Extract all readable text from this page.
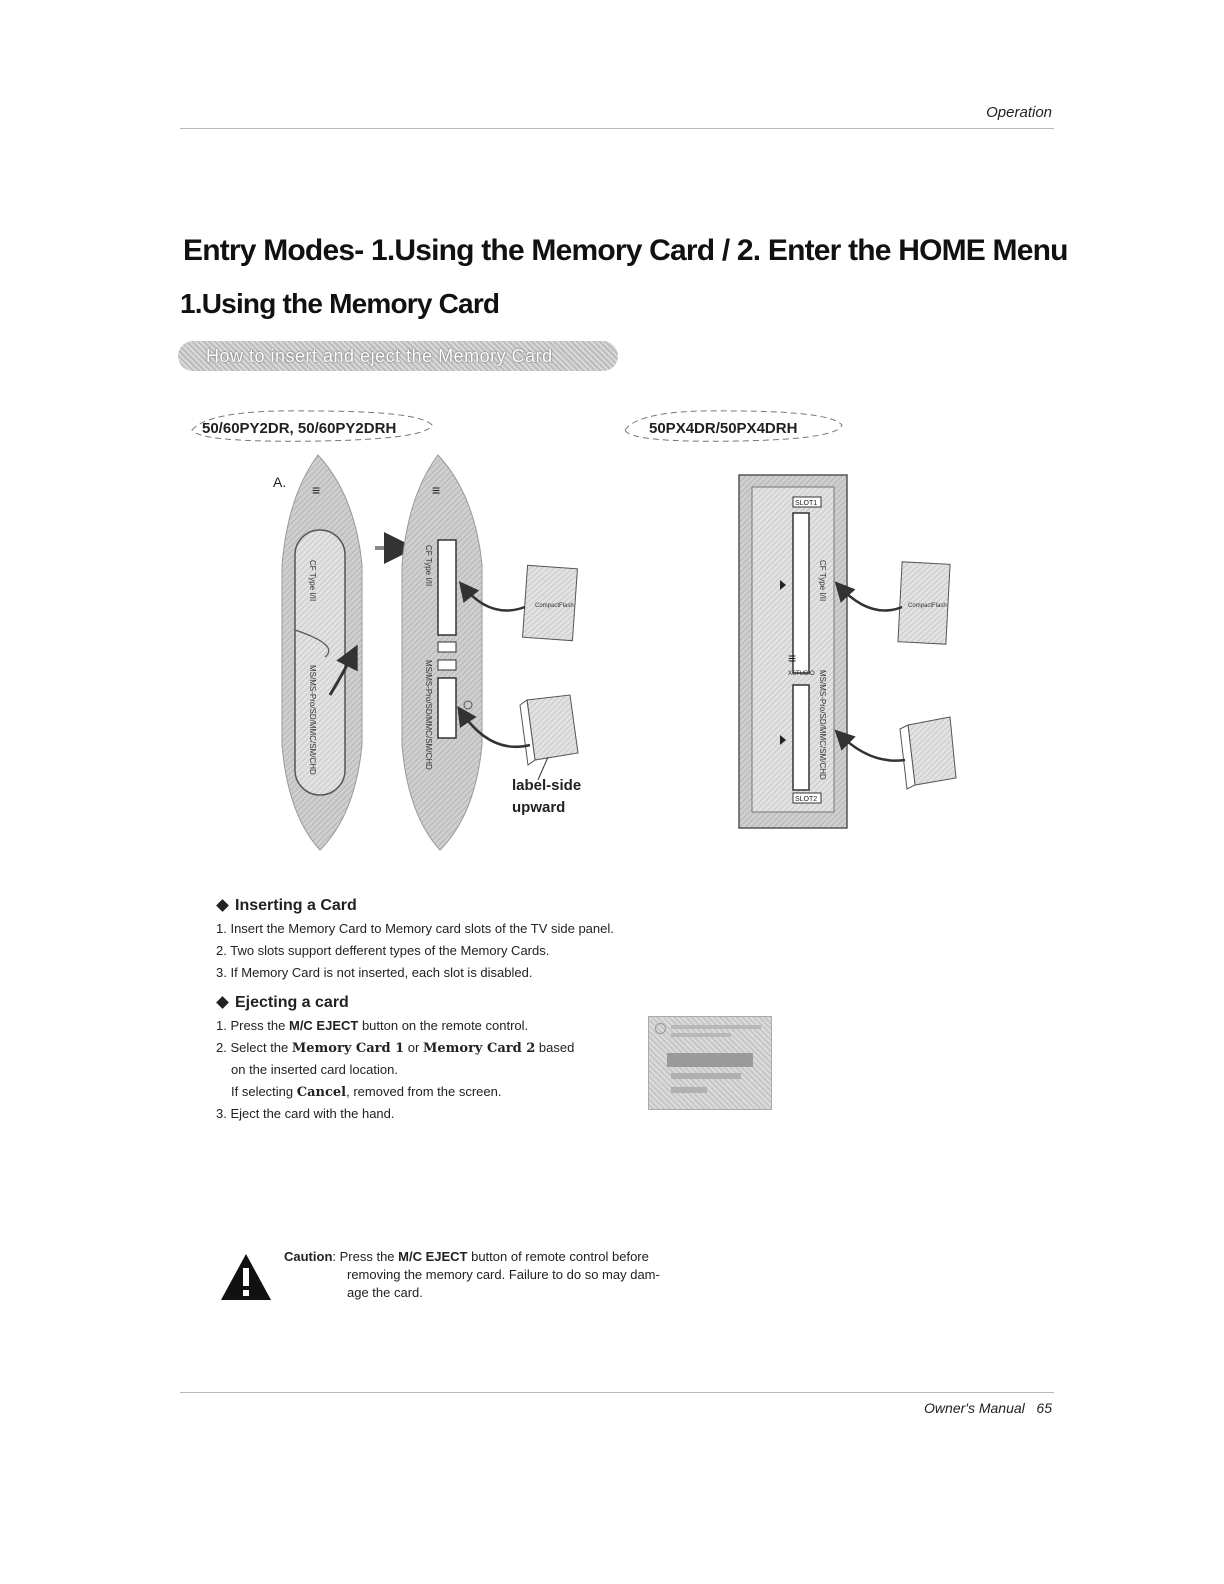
Operation
Entry Modes- 1.Using the Memory Card / 2. Enter the HOME Menu
1.Using the Memory Card
How to insert and eject the Memory Card
50/60PY2DR, 50/60PY2DRH	50PX4DR/50PX4DRH
A. ≡
CF Type I/II
MS/MS-Pro/SD/MMC/SM/CHD
≡
CF Type I/II
MS/MS-Pro/SD/MMC/SM/CHD
CompactFlash
label-side
upward
SLOT1
CF Type I/II
≡
XSTUDIO MS/MS-Pro/SD/MMC/SM/CHD
SLOT2
CompactFlash
Inserting a Card
1. Insert the Memory Card to Memory card slots of the TV side panel.
2. Two slots support defferent types of the Memory Cards.
3. If Memory Card is not inserted, each slot is disabled.
Ejecting a card
1. Press the M/C EJECT button on the remote control.
2. Select the Memory Card 1 or Memory Card 2 based
on the inserted card location.
If selecting Cancel, removed from the screen.
3. Eject the card with the hand.
Caution: Press the M/C EJECT button of remote control before
removing the memory card. Failure to do so may dam-
age the card.
Owner's Manual 65
